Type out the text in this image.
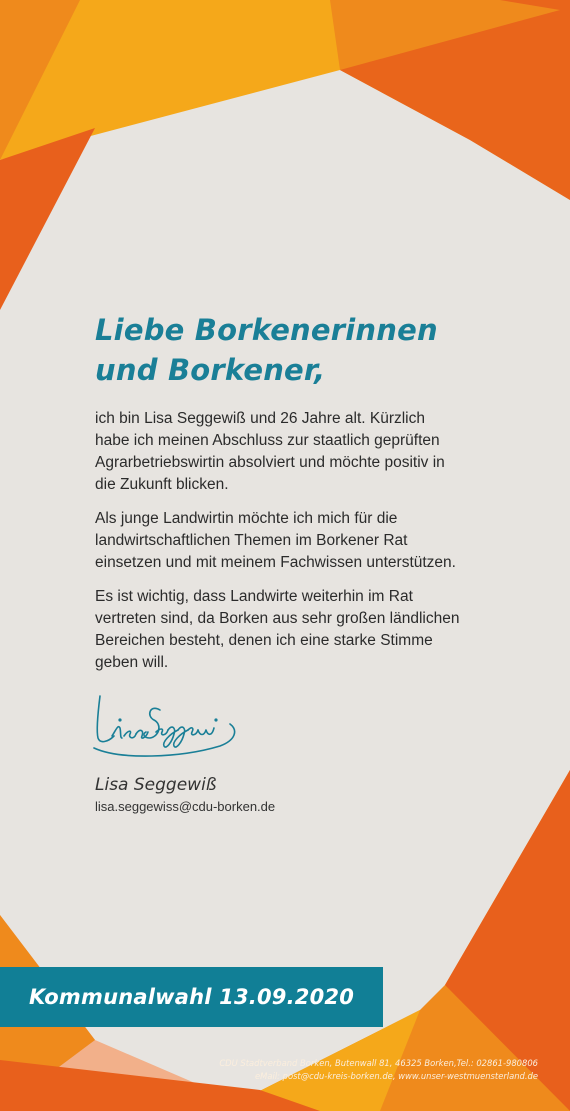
Liebe Borkenerinnen
und Borkener,

ich bin Lisa Seggewiß und 26 Jahre alt. Kürzlich
habe ich meinen Abschluss zur staatlich geprüften
Agrarbetriebswirtin absolviert und möchte positiv in
die Zukunft blicken.

Als junge Landwirtin möchte ich mich für die
landwirtschaftlichen Themen im Borkener Rat
einsetzen und mit meinem Fachwissen unterstützen.

Es ist wichtig, dass Landwirte weiterhin im Rat
vertreten sind, da Borken aus sehr großen ländlichen
Bereichen besteht, denen ich eine starke Stimme
geben will.

Lisa Seggewiß
lisa.seggewiss@cdu-borken.de
Kommunalwahl 13.09.2020
CDU Stadtverband Borken, Butenwall 81, 46325 Borken,Tel.: 02861-980806
eMail: post@cdu-kreis-borken.de, www.unser-westmuensterland.de
